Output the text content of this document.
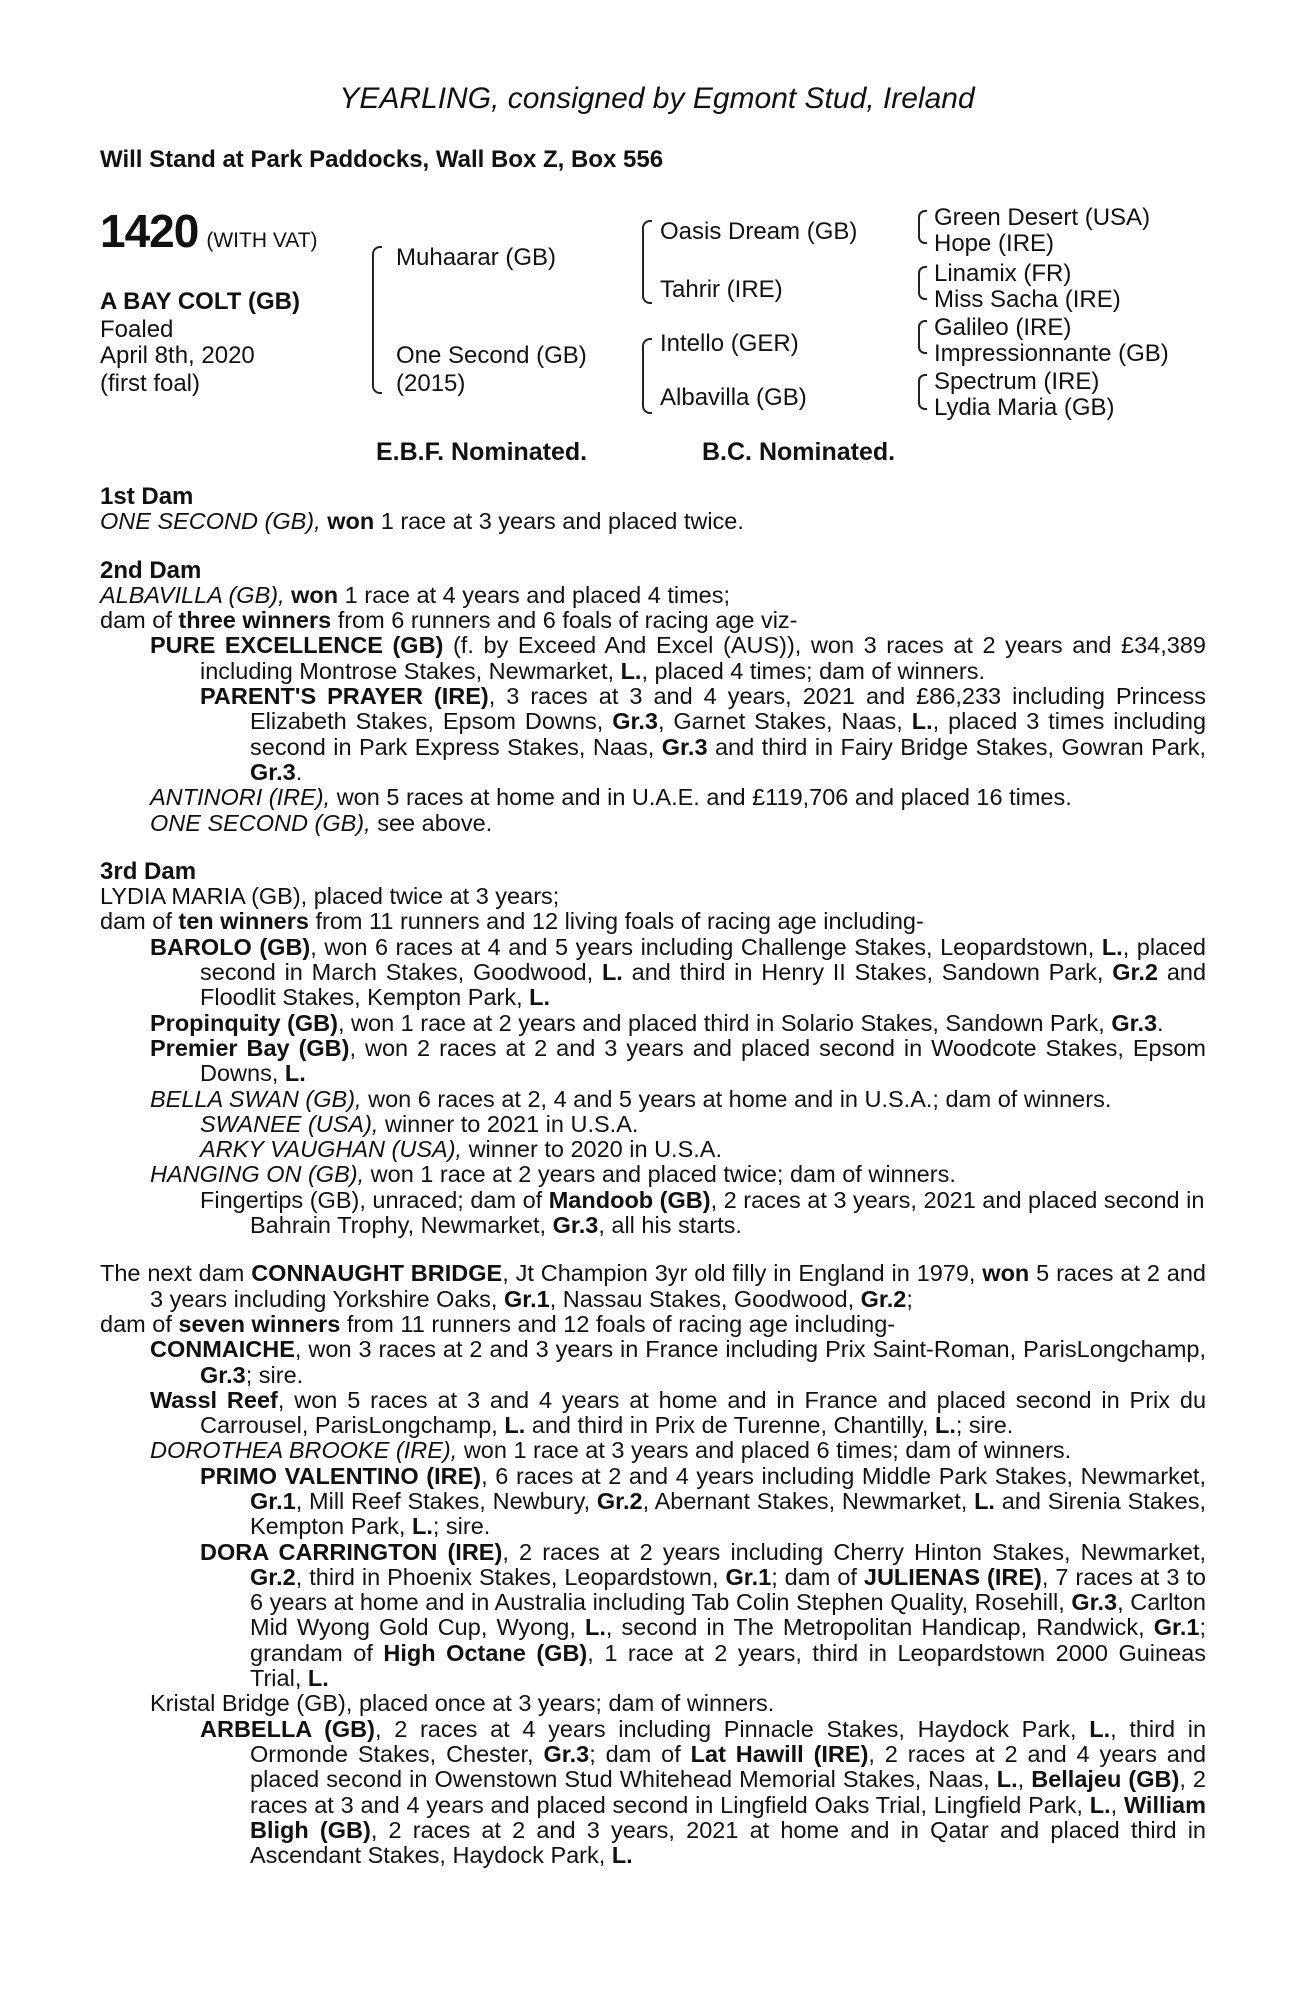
YEARLING, consigned by Egmont Stud, Ireland
Will Stand at Park Paddocks, Wall Box Z, Box 556
1420 (WITH VAT)
A BAY COLT (GB)
Foaled
April 8th, 2020
(first foal)
Muhaarar (GB)
One Second (GB)
(2015)
Oasis Dream (GB)
Tahrir (IRE)
Intello (GER)
Albavilla (GB)
Green Desert (USA)
Hope (IRE)
Linamix (FR)
Miss Sacha (IRE)
Galileo (IRE)
Impressionnante (GB)
Spectrum (IRE)
Lydia Maria (GB)
E.B.F. Nominated.	B.C. Nominated.

1st Dam

ONE SECOND (GB), won 1 race at 3 years and placed twice.

2nd Dam

ALBAVILLA (GB), won 1 race at 4 years and placed 4 times;

dam of three winners from 6 runners and 6 foals of racing age viz-

PURE EXCELLENCE (GB) (f. by Exceed And Excel (AUS)), won 3 races at 2 years and £34,389 including Montrose Stakes, Newmarket, L., placed 4 times; dam of winners.

PARENT'S PRAYER (IRE), 3 races at 3 and 4 years, 2021 and £86,233 including Princess Elizabeth Stakes, Epsom Downs, Gr.3, Garnet Stakes, Naas, L., placed 3 times including second in Park Express Stakes, Naas, Gr.3 and third in Fairy Bridge Stakes, Gowran Park, Gr.3.

ANTINORI (IRE), won 5 races at home and in U.A.E. and £119,706 and placed 16 times.

ONE SECOND (GB), see above.

3rd Dam

LYDIA MARIA (GB), placed twice at 3 years;

dam of ten winners from 11 runners and 12 living foals of racing age including-

BAROLO (GB), won 6 races at 4 and 5 years including Challenge Stakes, Leopardstown, L., placed second in March Stakes, Goodwood, L. and third in Henry II Stakes, Sandown Park, Gr.2 and Floodlit Stakes, Kempton Park, L.

Propinquity (GB), won 1 race at 2 years and placed third in Solario Stakes, Sandown Park, Gr.3.

Premier Bay (GB), won 2 races at 2 and 3 years and placed second in Woodcote Stakes, Epsom Downs, L.

BELLA SWAN (GB), won 6 races at 2, 4 and 5 years at home and in U.S.A.; dam of winners.

SWANEE (USA), winner to 2021 in U.S.A.

ARKY VAUGHAN (USA), winner to 2020 in U.S.A.

HANGING ON (GB), won 1 race at 2 years and placed twice; dam of winners.

Fingertips (GB), unraced; dam of Mandoob (GB), 2 races at 3 years, 2021 and placed second in Bahrain Trophy, Newmarket, Gr.3, all his starts.

The next dam CONNAUGHT BRIDGE, Jt Champion 3yr old filly in England in 1979, won 5 races at 2 and 3 years including Yorkshire Oaks, Gr.1, Nassau Stakes, Goodwood, Gr.2;

dam of seven winners from 11 runners and 12 foals of racing age including-

CONMAICHE, won 3 races at 2 and 3 years in France including Prix Saint-Roman, ParisLongchamp, Gr.3; sire.

Wassl Reef, won 5 races at 3 and 4 years at home and in France and placed second in Prix du Carrousel, ParisLongchamp, L. and third in Prix de Turenne, Chantilly, L.; sire.

DOROTHEA BROOKE (IRE), won 1 race at 3 years and placed 6 times; dam of winners.

PRIMO VALENTINO (IRE), 6 races at 2 and 4 years including Middle Park Stakes, Newmarket, Gr.1, Mill Reef Stakes, Newbury, Gr.2, Abernant Stakes, Newmarket, L. and Sirenia Stakes, Kempton Park, L.; sire.

DORA CARRINGTON (IRE), 2 races at 2 years including Cherry Hinton Stakes, Newmarket, Gr.2, third in Phoenix Stakes, Leopardstown, Gr.1; dam of JULIENAS (IRE), 7 races at 3 to 6 years at home and in Australia including Tab Colin Stephen Quality, Rosehill, Gr.3, Carlton Mid Wyong Gold Cup, Wyong, L., second in The Metropolitan Handicap, Randwick, Gr.1; grandam of High Octane (GB), 1 race at 2 years, third in Leopardstown 2000 Guineas Trial, L.

Kristal Bridge (GB), placed once at 3 years; dam of winners.

ARBELLA (GB), 2 races at 4 years including Pinnacle Stakes, Haydock Park, L., third in Ormonde Stakes, Chester, Gr.3; dam of Lat Hawill (IRE), 2 races at 2 and 4 years and placed second in Owenstown Stud Whitehead Memorial Stakes, Naas, L., Bellajeu (GB), 2 races at 3 and 4 years and placed second in Lingfield Oaks Trial, Lingfield Park, L., William Bligh (GB), 2 races at 2 and 3 years, 2021 at home and in Qatar and placed third in Ascendant Stakes, Haydock Park, L.
